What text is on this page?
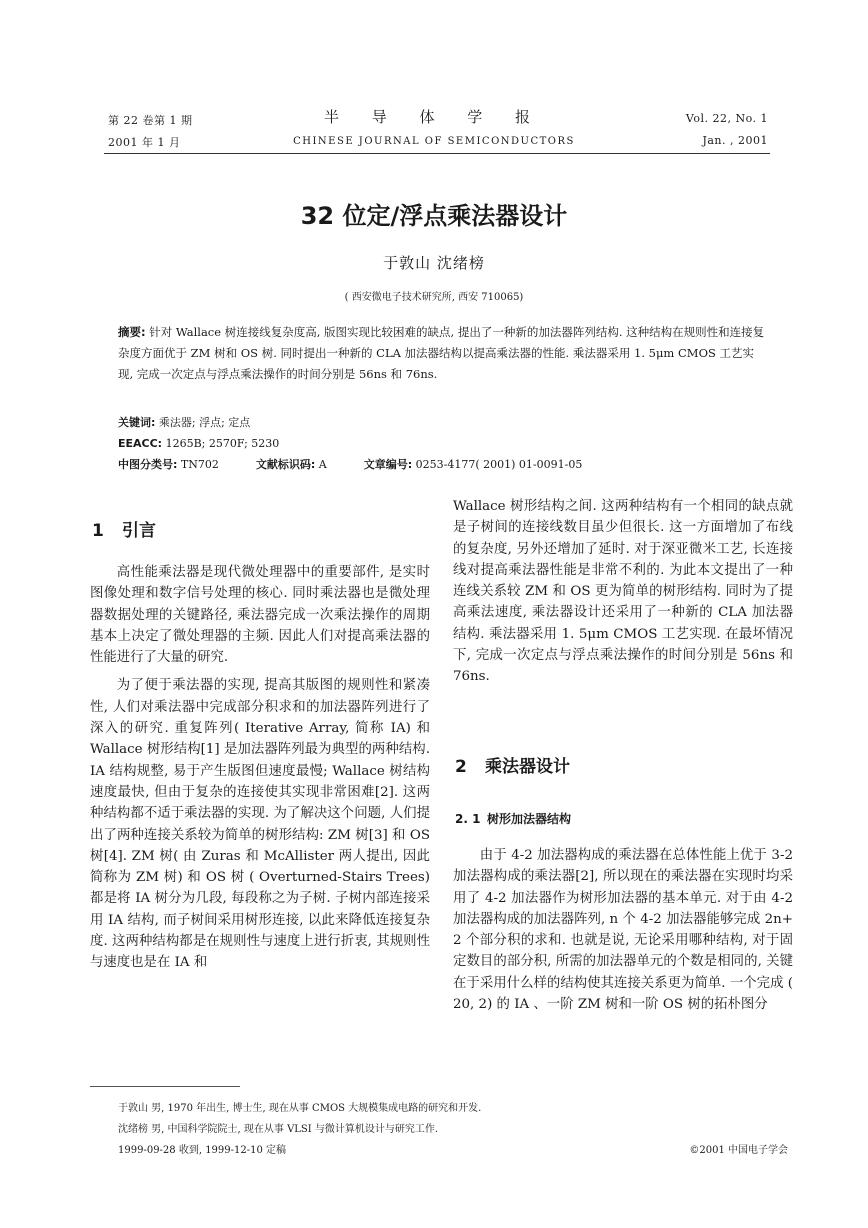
第 22 卷第 1 期
2001 年 1 月
半 导 体 学 报
CHINESE JOURNAL OF SEMICONDUCTORS
Vol. 22, No. 1
Jan. , 2001
32 位定/浮点乘法器设计
于敦山 沈绪榜
( 西安微电子技术研究所, 西安 710065)
摘要: 针对 Wallace 树连接线复杂度高, 版图实现比较困难的缺点, 提出了一种新的加法器阵列结构. 这种结构在规则性和连接复杂度方面优于 ZM 树和 OS 树. 同时提出一种新的 CLA 加法器结构以提高乘法器的性能. 乘法器采用 1. 5μm CMOS 工艺实现, 完成一次定点与浮点乘法操作的时间分别是 56ns 和 76ns.
关键词: 乘法器; 浮点; 定点
EEACC: 1265B; 2570F; 5230
中图分类号: TN702	文献标识码: A	文章编号: 0253-4177( 2001) 01-0091-05
1 引言

高性能乘法器是现代微处理器中的重要部件, 是实时图像处理和数字信号处理的核心. 同时乘法器也是微处理器数据处理的关键路径, 乘法器完成一次乘法操作的周期基本上决定了微处理器的主频. 因此人们对提高乘法器的性能进行了大量的研究.

为了便于乘法器的实现, 提高其版图的规则性和紧凑性, 人们对乘法器中完成部分积求和的加法器阵列进行了深入的研究. 重复阵列( Iterative Array, 简称 IA) 和 Wallace 树形结构[1] 是加法器阵列最为典型的两种结构. IA 结构规整, 易于产生版图但速度最慢; Wallace 树结构速度最快, 但由于复杂的连接使其实现非常困难[2]. 这两种结构都不适于乘法器的实现. 为了解决这个问题, 人们提出了两种连接关系较为简单的树形结构: ZM 树[3] 和 OS 树[4]. ZM 树( 由 Zuras 和 McAllister 两人提出, 因此简称为 ZM 树) 和 OS 树 ( Overturned-Stairs Trees) 都是将 IA 树分为几段, 每段称之为子树. 子树内部连接采用 IA 结构, 而子树间采用树形连接, 以此来降低连接复杂度. 这两种结构都是在规则性与速度上进行折衷, 其规则性与速度也是在 IA 和

Wallace 树形结构之间. 这两种结构有一个相同的缺点就是子树间的连接线数目虽少但很长. 这一方面增加了布线的复杂度, 另外还增加了延时. 对于深亚微米工艺, 长连接线对提高乘法器性能是非常不利的. 为此本文提出了一种连线关系较 ZM 和 OS 更为简单的树形结构. 同时为了提高乘法速度, 乘法器设计还采用了一种新的 CLA 加法器结构. 乘法器采用 1. 5μm CMOS 工艺实现. 在最坏情况下, 完成一次定点与浮点乘法操作的时间分别是 56ns 和 76ns.

2 乘法器设计
2. 1 树形加法器结构

由于 4-2 加法器构成的乘法器在总体性能上优于 3-2 加法器构成的乘法器[2], 所以现在的乘法器在实现时均采用了 4-2 加法器作为树形加法器的基本单元. 对于由 4-2 加法器构成的加法器阵列, n 个 4-2 加法器能够完成 2n+ 2 个部分积的求和. 也就是说, 无论采用哪种结构, 对于固定数目的部分积, 所需的加法器单元的个数是相同的, 关键在于采用什么样的结构使其连接关系更为简单. 一个完成 ( 20, 2) 的 IA 、一阶 ZM 树和一阶 OS 树的拓朴图分

于敦山 男, 1970 年出生, 博士生, 现在从事 CMOS 大规模集成电路的研究和开发.
沈绪榜 男, 中国科学院院士, 现在从事 VLSI 与微计算机设计与研究工作.
1999-09-28 收到, 1999-12-10 定稿	©2001 中国电子学会
